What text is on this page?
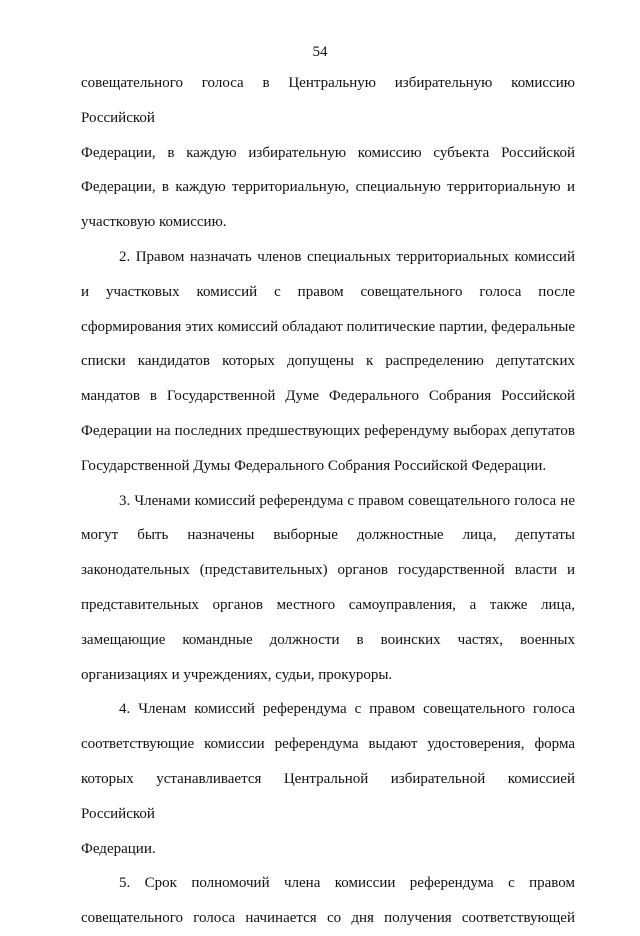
54
совещательного голоса в Центральную избирательную комиссию Российской
Федерации, в каждую избирательную комиссию субъекта Российской
Федерации, в каждую территориальную, специальную территориальную и
участковую комиссию.
2. Правом назначать членов специальных территориальных комиссий
и участковых комиссий с правом совещательного голоса после
сформирования этих комиссий обладают политические партии, федеральные
списки кандидатов которых допущены к распределению депутатских
мандатов в Государственной Думе Федерального Собрания Российской
Федерации на последних предшествующих референдуму выборах депутатов
Государственной Думы Федерального Собрания Российской Федерации.
3. Членами комиссий референдума с правом совещательного голоса не
могут быть назначены выборные должностные лица, депутаты
законодательных (представительных) органов государственной власти и
представительных органов местного самоуправления, а также лица,
замещающие командные должности в воинских частях, военных
организациях и учреждениях, судьи, прокуроры.
4. Членам комиссий референдума с правом совещательного голоса
соответствующие комиссии референдума выдают удостоверения, форма
которых устанавливается Центральной избирательной комиссией Российской
Федерации.
5. Срок полномочий члена комиссии референдума с правом
совещательного голоса начинается со дня получения соответствующей
